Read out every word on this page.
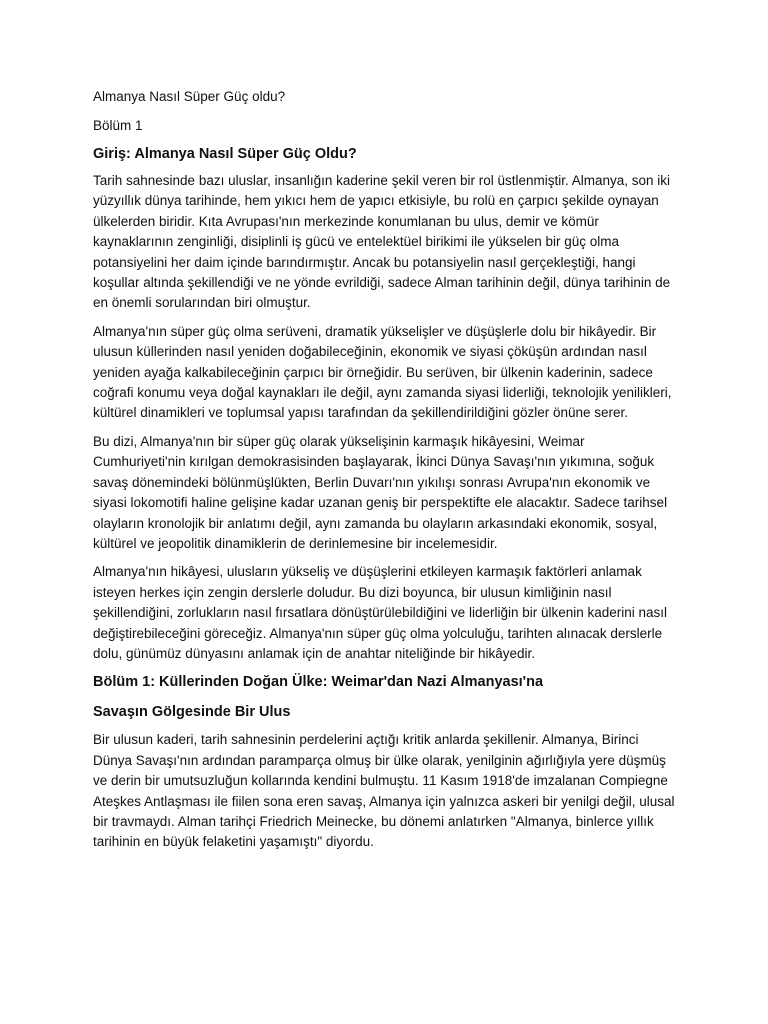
Almanya Nasıl Süper Güç oldu?

Bölüm 1

Giriş: Almanya Nasıl Süper Güç Oldu?

Tarih sahnesinde bazı uluslar, insanlığın kaderine şekil veren bir rol üstlenmiştir. Almanya, son iki yüzyıllık dünya tarihinde, hem yıkıcı hem de yapıcı etkisiyle, bu rolü en çarpıcı şekilde oynayan ülkelerden biridir. Kıta Avrupası'nın merkezinde konumlanan bu ulus, demir ve kömür kaynaklarının zenginliği, disiplinli iş gücü ve entelektüel birikimi ile yükselen bir güç olma potansiyelini her daim içinde barındırmıştır. Ancak bu potansiyelin nasıl gerçekleştiği, hangi koşullar altında şekillendiği ve ne yönde evrildiği, sadece Alman tarihinin değil, dünya tarihinin de en önemli sorularından biri olmuştur.

Almanya'nın süper güç olma serüveni, dramatik yükselişler ve düşüşlerle dolu bir hikâyedir. Bir ulusun küllerinden nasıl yeniden doğabileceğinin, ekonomik ve siyasi çöküşün ardından nasıl yeniden ayağa kalkabileceğinin çarpıcı bir örneğidir. Bu serüven, bir ülkenin kaderinin, sadece coğrafi konumu veya doğal kaynakları ile değil, aynı zamanda siyasi liderliği, teknolojik yenilikleri, kültürel dinamikleri ve toplumsal yapısı tarafından da şekillendirildiğini gözler önüne serer.

Bu dizi, Almanya'nın bir süper güç olarak yükselişinin karmaşık hikâyesini, Weimar Cumhuriyeti'nin kırılgan demokrasisinden başlayarak, İkinci Dünya Savaşı'nın yıkımına, soğuk savaş dönemindeki bölünmüşlükten, Berlin Duvarı'nın yıkılışı sonrası Avrupa'nın ekonomik ve siyasi lokomotifi haline gelişine kadar uzanan geniş bir perspektifte ele alacaktır. Sadece tarihsel olayların kronolojik bir anlatımı değil, aynı zamanda bu olayların arkasındaki ekonomik, sosyal, kültürel ve jeopolitik dinamiklerin de derinlemesine bir incelemesidir.

Almanya'nın hikâyesi, ulusların yükseliş ve düşüşlerini etkileyen karmaşık faktörleri anlamak isteyen herkes için zengin derslerle doludur. Bu dizi boyunca, bir ulusun kimliğinin nasıl şekillendiğini, zorlukların nasıl fırsatlara dönüştürülebildiğini ve liderliğin bir ülkenin kaderini nasıl değiştirebileceğini göreceğiz. Almanya'nın süper güç olma yolculuğu, tarihten alınacak derslerle dolu, günümüz dünyasını anlamak için de anahtar niteliğinde bir hikâyedir.

Bölüm 1: Küllerinden Doğan Ülke: Weimar'dan Nazi Almanyası'na
Savaşın Gölgesinde Bir Ulus

Bir ulusun kaderi, tarih sahnesinin perdelerini açtığı kritik anlarda şekillenir. Almanya, Birinci Dünya Savaşı'nın ardından paramparça olmuş bir ülke olarak, yenilginin ağırlığıyla yere düşmüş ve derin bir umutsuzluğun kollarında kendini bulmuştu. 11 Kasım 1918'de imzalanan Compiegne Ateşkes Antlaşması ile fiilen sona eren savaş, Almanya için yalnızca askeri bir yenilgi değil, ulusal bir travmaydı. Alman tarihçi Friedrich Meinecke, bu dönemi anlatırken "Almanya, binlerce yıllık tarihinin en büyük felaketini yaşamıştı" diyordu.
